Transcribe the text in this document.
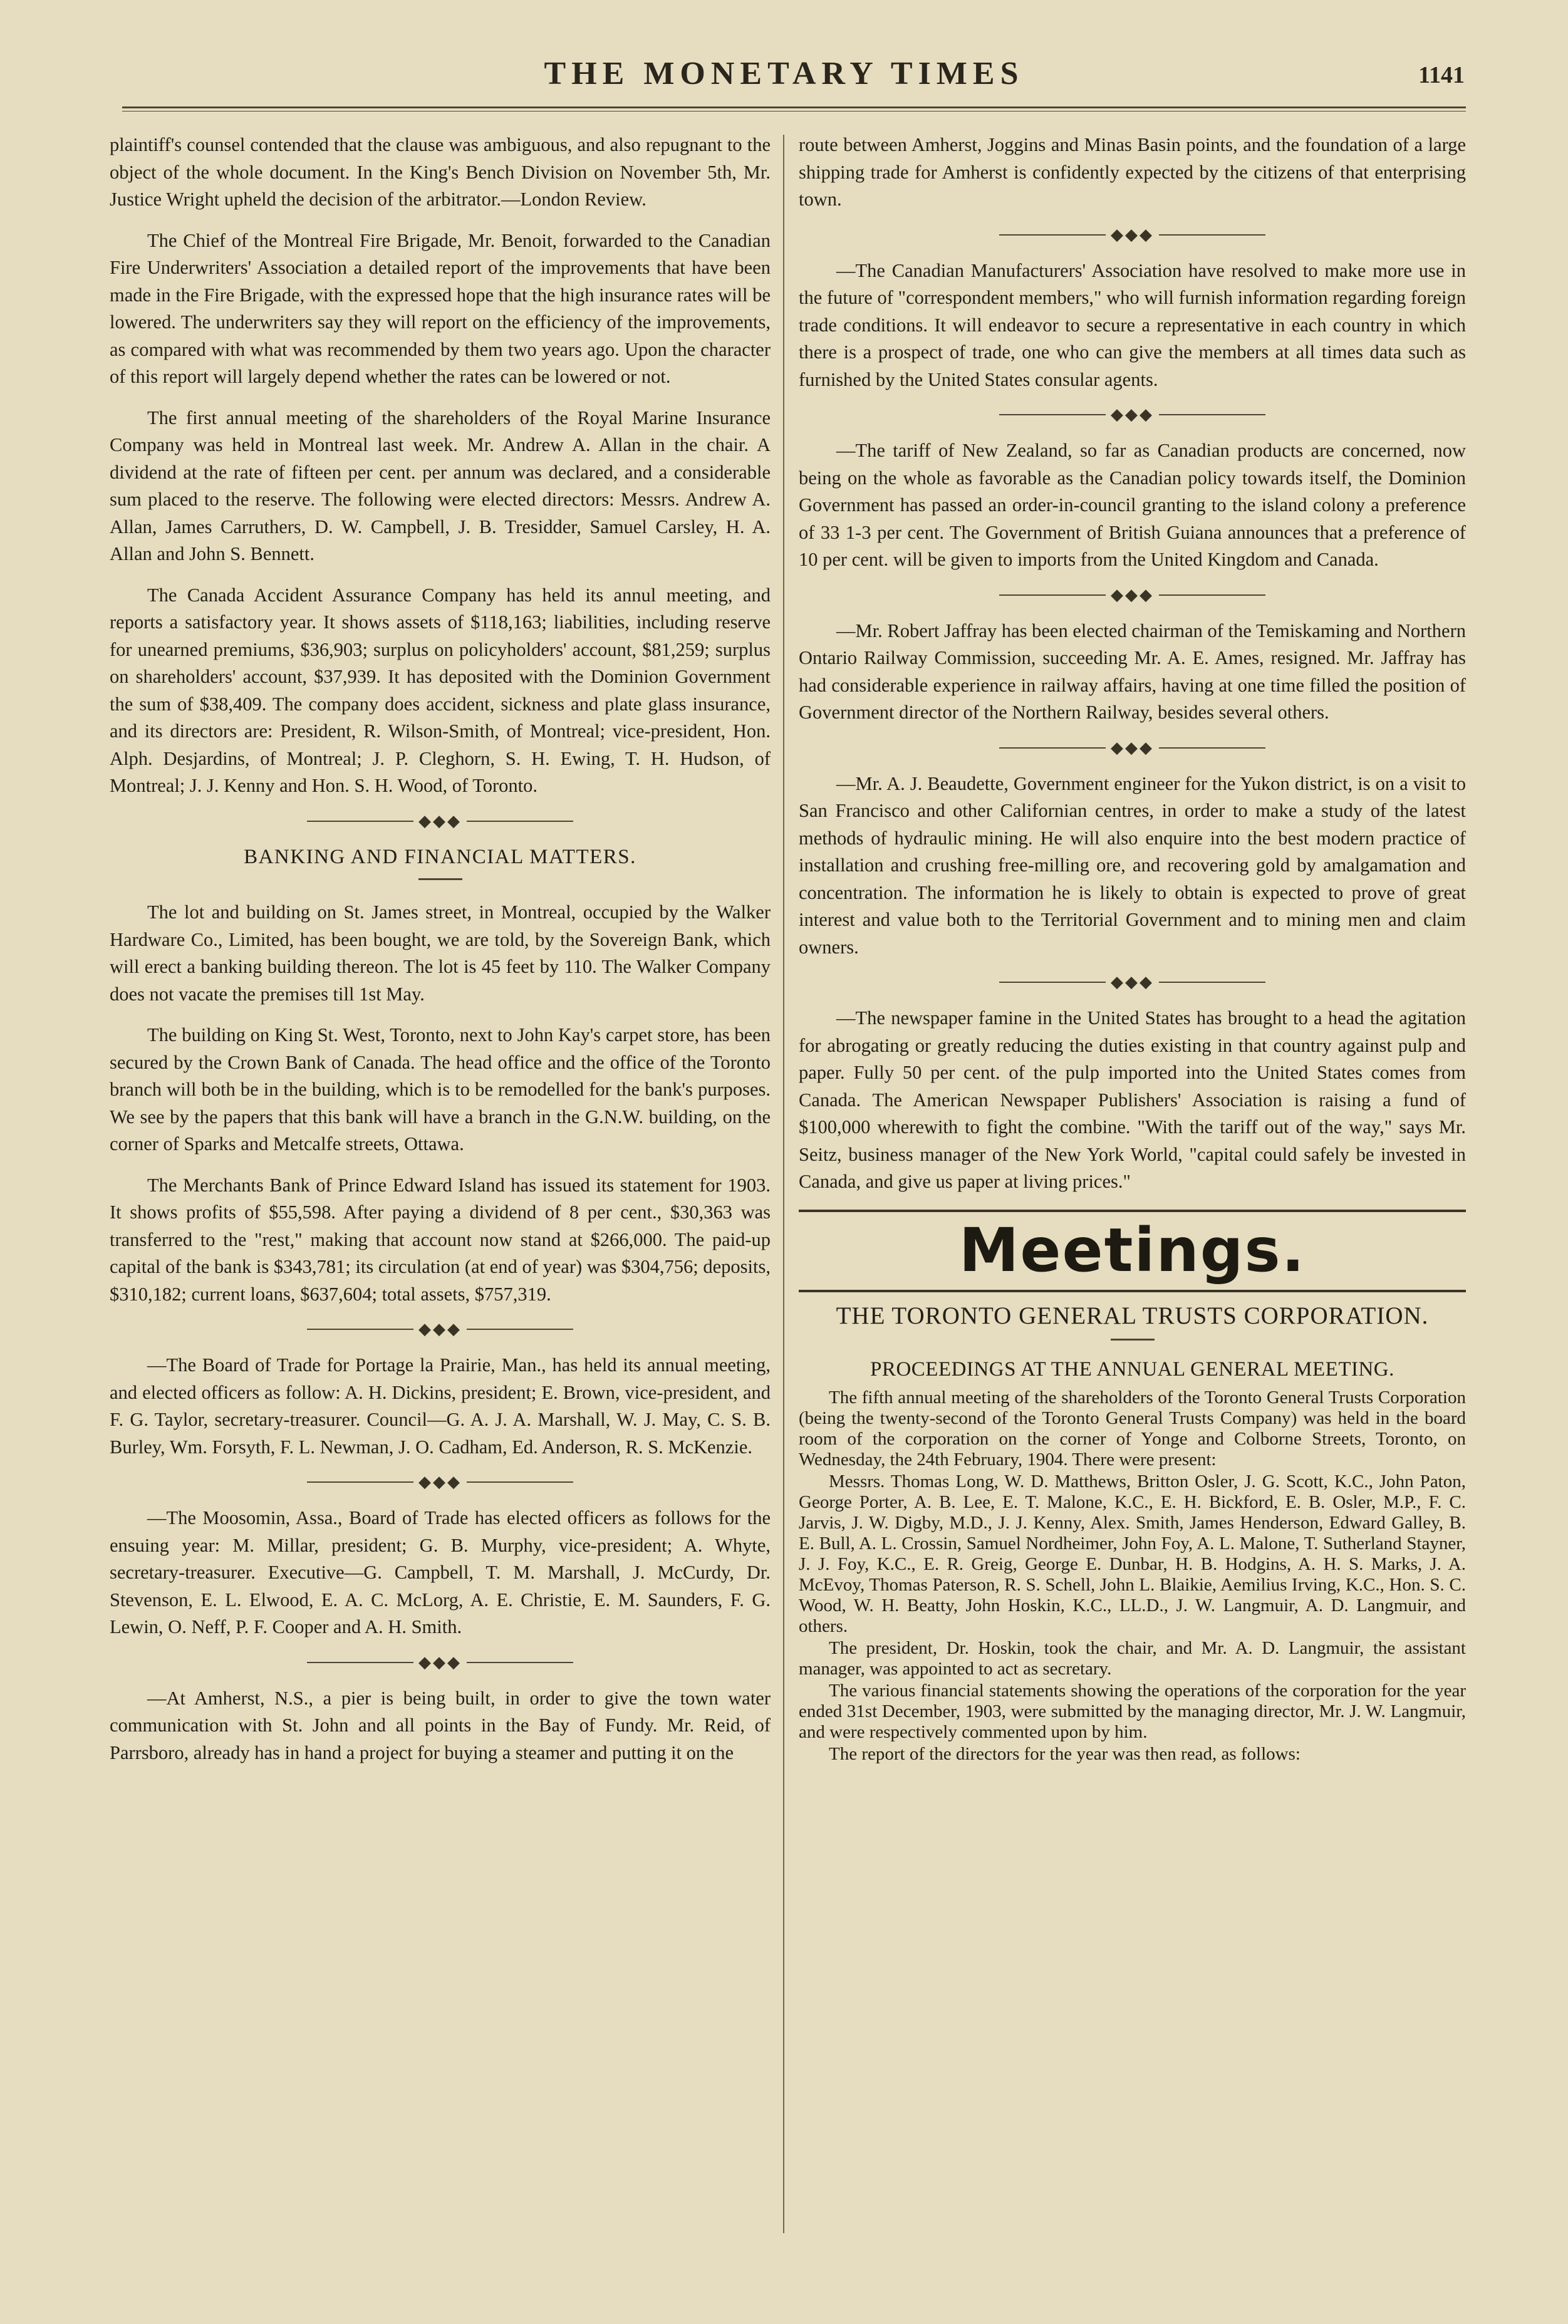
THE MONETARY TIMES	1141

plaintiff's counsel contended that the clause was ambiguous, and also repugnant to the object of the whole document. In the King's Bench Division on November 5th, Mr. Justice Wright upheld the decision of the arbitrator.—London Review.

The Chief of the Montreal Fire Brigade, Mr. Benoit, forwarded to the Canadian Fire Underwriters' Association a detailed report of the improvements that have been made in the Fire Brigade, with the expressed hope that the high insurance rates will be lowered. The underwriters say they will report on the efficiency of the improvements, as compared with what was recommended by them two years ago. Upon the character of this report will largely depend whether the rates can be lowered or not.

The first annual meeting of the shareholders of the Royal Marine Insurance Company was held in Montreal last week. Mr. Andrew A. Allan in the chair. A dividend at the rate of fifteen per cent. per annum was declared, and a considerable sum placed to the reserve. The following were elected directors: Messrs. Andrew A. Allan, James Carruthers, D. W. Campbell, J. B. Tresidder, Samuel Carsley, H. A. Allan and John S. Bennett.

The Canada Accident Assurance Company has held its annul meeting, and reports a satisfactory year. It shows assets of $118,163; liabilities, including reserve for unearned premiums, $36,903; surplus on policyholders' account, $81,259; surplus on shareholders' account, $37,939. It has deposited with the Dominion Government the sum of $38,409. The company does accident, sickness and plate glass insurance, and its directors are: President, R. Wilson-Smith, of Montreal; vice-president, Hon. Alph. Desjardins, of Montreal; J. P. Cleghorn, S. H. Ewing, T. H. Hudson, of Montreal; J. J. Kenny and Hon. S. H. Wood, of Toronto.

◆◆◆
BANKING AND FINANCIAL MATTERS.

The lot and building on St. James street, in Montreal, occupied by the Walker Hardware Co., Limited, has been bought, we are told, by the Sovereign Bank, which will erect a banking building thereon. The lot is 45 feet by 110. The Walker Company does not vacate the premises till 1st May.

The building on King St. West, Toronto, next to John Kay's carpet store, has been secured by the Crown Bank of Canada. The head office and the office of the Toronto branch will both be in the building, which is to be remodelled for the bank's purposes. We see by the papers that this bank will have a branch in the G.N.W. building, on the corner of Sparks and Metcalfe streets, Ottawa.

The Merchants Bank of Prince Edward Island has issued its statement for 1903. It shows profits of $55,598. After paying a dividend of 8 per cent., $30,363 was transferred to the "rest," making that account now stand at $266,000. The paid-up capital of the bank is $343,781; its circulation (at end of year) was $304,756; deposits, $310,182; current loans, $637,604; total assets, $757,319.

◆◆◆

—The Board of Trade for Portage la Prairie, Man., has held its annual meeting, and elected officers as follow: A. H. Dickins, president; E. Brown, vice-president, and F. G. Taylor, secretary-treasurer. Council—G. A. J. A. Marshall, W. J. May, C. S. B. Burley, Wm. Forsyth, F. L. Newman, J. O. Cadham, Ed. Anderson, R. S. McKenzie.

◆◆◆

—The Moosomin, Assa., Board of Trade has elected officers as follows for the ensuing year: M. Millar, president; G. B. Murphy, vice-president; A. Whyte, secretary-treasurer. Executive—G. Campbell, T. M. Marshall, J. McCurdy, Dr. Stevenson, E. L. Elwood, E. A. C. McLorg, A. E. Christie, E. M. Saunders, F. G. Lewin, O. Neff, P. F. Cooper and A. H. Smith.

◆◆◆

—At Amherst, N.S., a pier is being built, in order to give the town water communication with St. John and all points in the Bay of Fundy. Mr. Reid, of Parrsboro, already has in hand a project for buying a steamer and putting it on the

route between Amherst, Joggins and Minas Basin points, and the foundation of a large shipping trade for Amherst is confidently expected by the citizens of that enterprising town.

◆◆◆

—The Canadian Manufacturers' Association have resolved to make more use in the future of "correspondent members," who will furnish information regarding foreign trade conditions. It will endeavor to secure a representative in each country in which there is a prospect of trade, one who can give the members at all times data such as furnished by the United States consular agents.

◆◆◆

—The tariff of New Zealand, so far as Canadian products are concerned, now being on the whole as favorable as the Canadian policy towards itself, the Dominion Government has passed an order-in-council granting to the island colony a preference of 33 1-3 per cent. The Government of British Guiana announces that a preference of 10 per cent. will be given to imports from the United Kingdom and Canada.

◆◆◆

—Mr. Robert Jaffray has been elected chairman of the Temiskaming and Northern Ontario Railway Commission, succeeding Mr. A. E. Ames, resigned. Mr. Jaffray has had considerable experience in railway affairs, having at one time filled the position of Government director of the Northern Railway, besides several others.

◆◆◆

—Mr. A. J. Beaudette, Government engineer for the Yukon district, is on a visit to San Francisco and other Californian centres, in order to make a study of the latest methods of hydraulic mining. He will also enquire into the best modern practice of installation and crushing free-milling ore, and recovering gold by amalgamation and concentration. The information he is likely to obtain is expected to prove of great interest and value both to the Territorial Government and to mining men and claim owners.

◆◆◆

—The newspaper famine in the United States has brought to a head the agitation for abrogating or greatly reducing the duties existing in that country against pulp and paper. Fully 50 per cent. of the pulp imported into the United States comes from Canada. The American Newspaper Publishers' Association is raising a fund of $100,000 wherewith to fight the combine. "With the tariff out of the way," says Mr. Seitz, business manager of the New York World, "capital could safely be invested in Canada, and give us paper at living prices."

Meetings.
THE TORONTO GENERAL TRUSTS CORPORATION.
PROCEEDINGS AT THE ANNUAL GENERAL MEETING.

The fifth annual meeting of the shareholders of the Toronto General Trusts Corporation (being the twenty-second of the Toronto General Trusts Company) was held in the board room of the corporation on the corner of Yonge and Colborne Streets, Toronto, on Wednesday, the 24th February, 1904. There were present:

Messrs. Thomas Long, W. D. Matthews, Britton Osler, J. G. Scott, K.C., John Paton, George Porter, A. B. Lee, E. T. Malone, K.C., E. H. Bickford, E. B. Osler, M.P., F. C. Jarvis, J. W. Digby, M.D., J. J. Kenny, Alex. Smith, James Henderson, Edward Galley, B. E. Bull, A. L. Crossin, Samuel Nordheimer, John Foy, A. L. Malone, T. Sutherland Stayner, J. J. Foy, K.C., E. R. Greig, George E. Dunbar, H. B. Hodgins, A. H. S. Marks, J. A. McEvoy, Thomas Paterson, R. S. Schell, John L. Blaikie, Aemilius Irving, K.C., Hon. S. C. Wood, W. H. Beatty, John Hoskin, K.C., LL.D., J. W. Langmuir, A. D. Langmuir, and others.

The president, Dr. Hoskin, took the chair, and Mr. A. D. Langmuir, the assistant manager, was appointed to act as secretary.

The various financial statements showing the operations of the corporation for the year ended 31st December, 1903, were submitted by the managing director, Mr. J. W. Langmuir, and were respectively commented upon by him.

The report of the directors for the year was then read, as follows:
